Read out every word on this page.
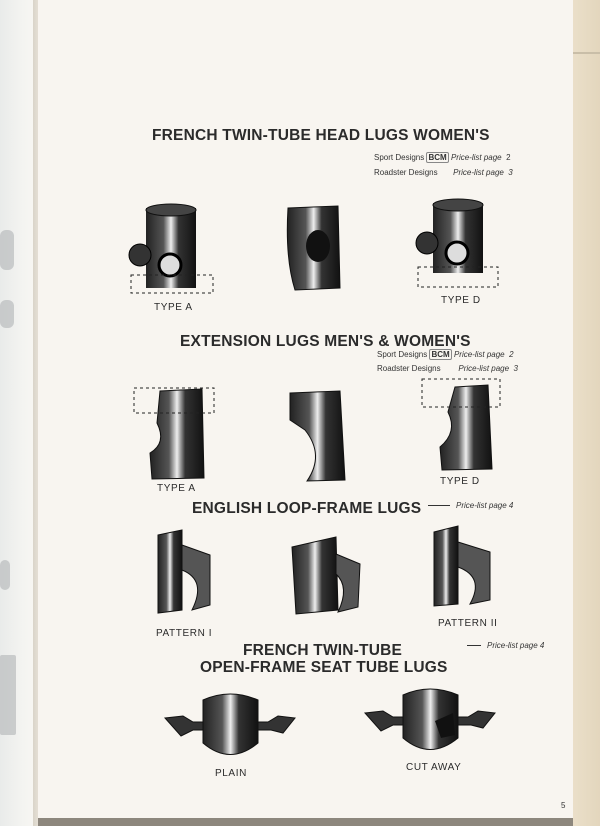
FRENCH TWIN-TUBE HEAD LUGS WOMEN'S
Sport Designs BCM Price-list page 2
Roadster Designs Price-list page 3
TYPE A
TYPE D
EXTENSION LUGS MEN'S & WOMEN'S
Sport Designs BCM Price-list page 2
Roadster Designs Price-list page 3
TYPE A
TYPE D
ENGLISH LOOP-FRAME LUGS	Price-list page 4
PATTERN I
PATTERN II
FRENCH TWIN-TUBE
OPEN-FRAME SEAT TUBE LUGS
Price-list page 4
PLAIN
CUT AWAY
5
